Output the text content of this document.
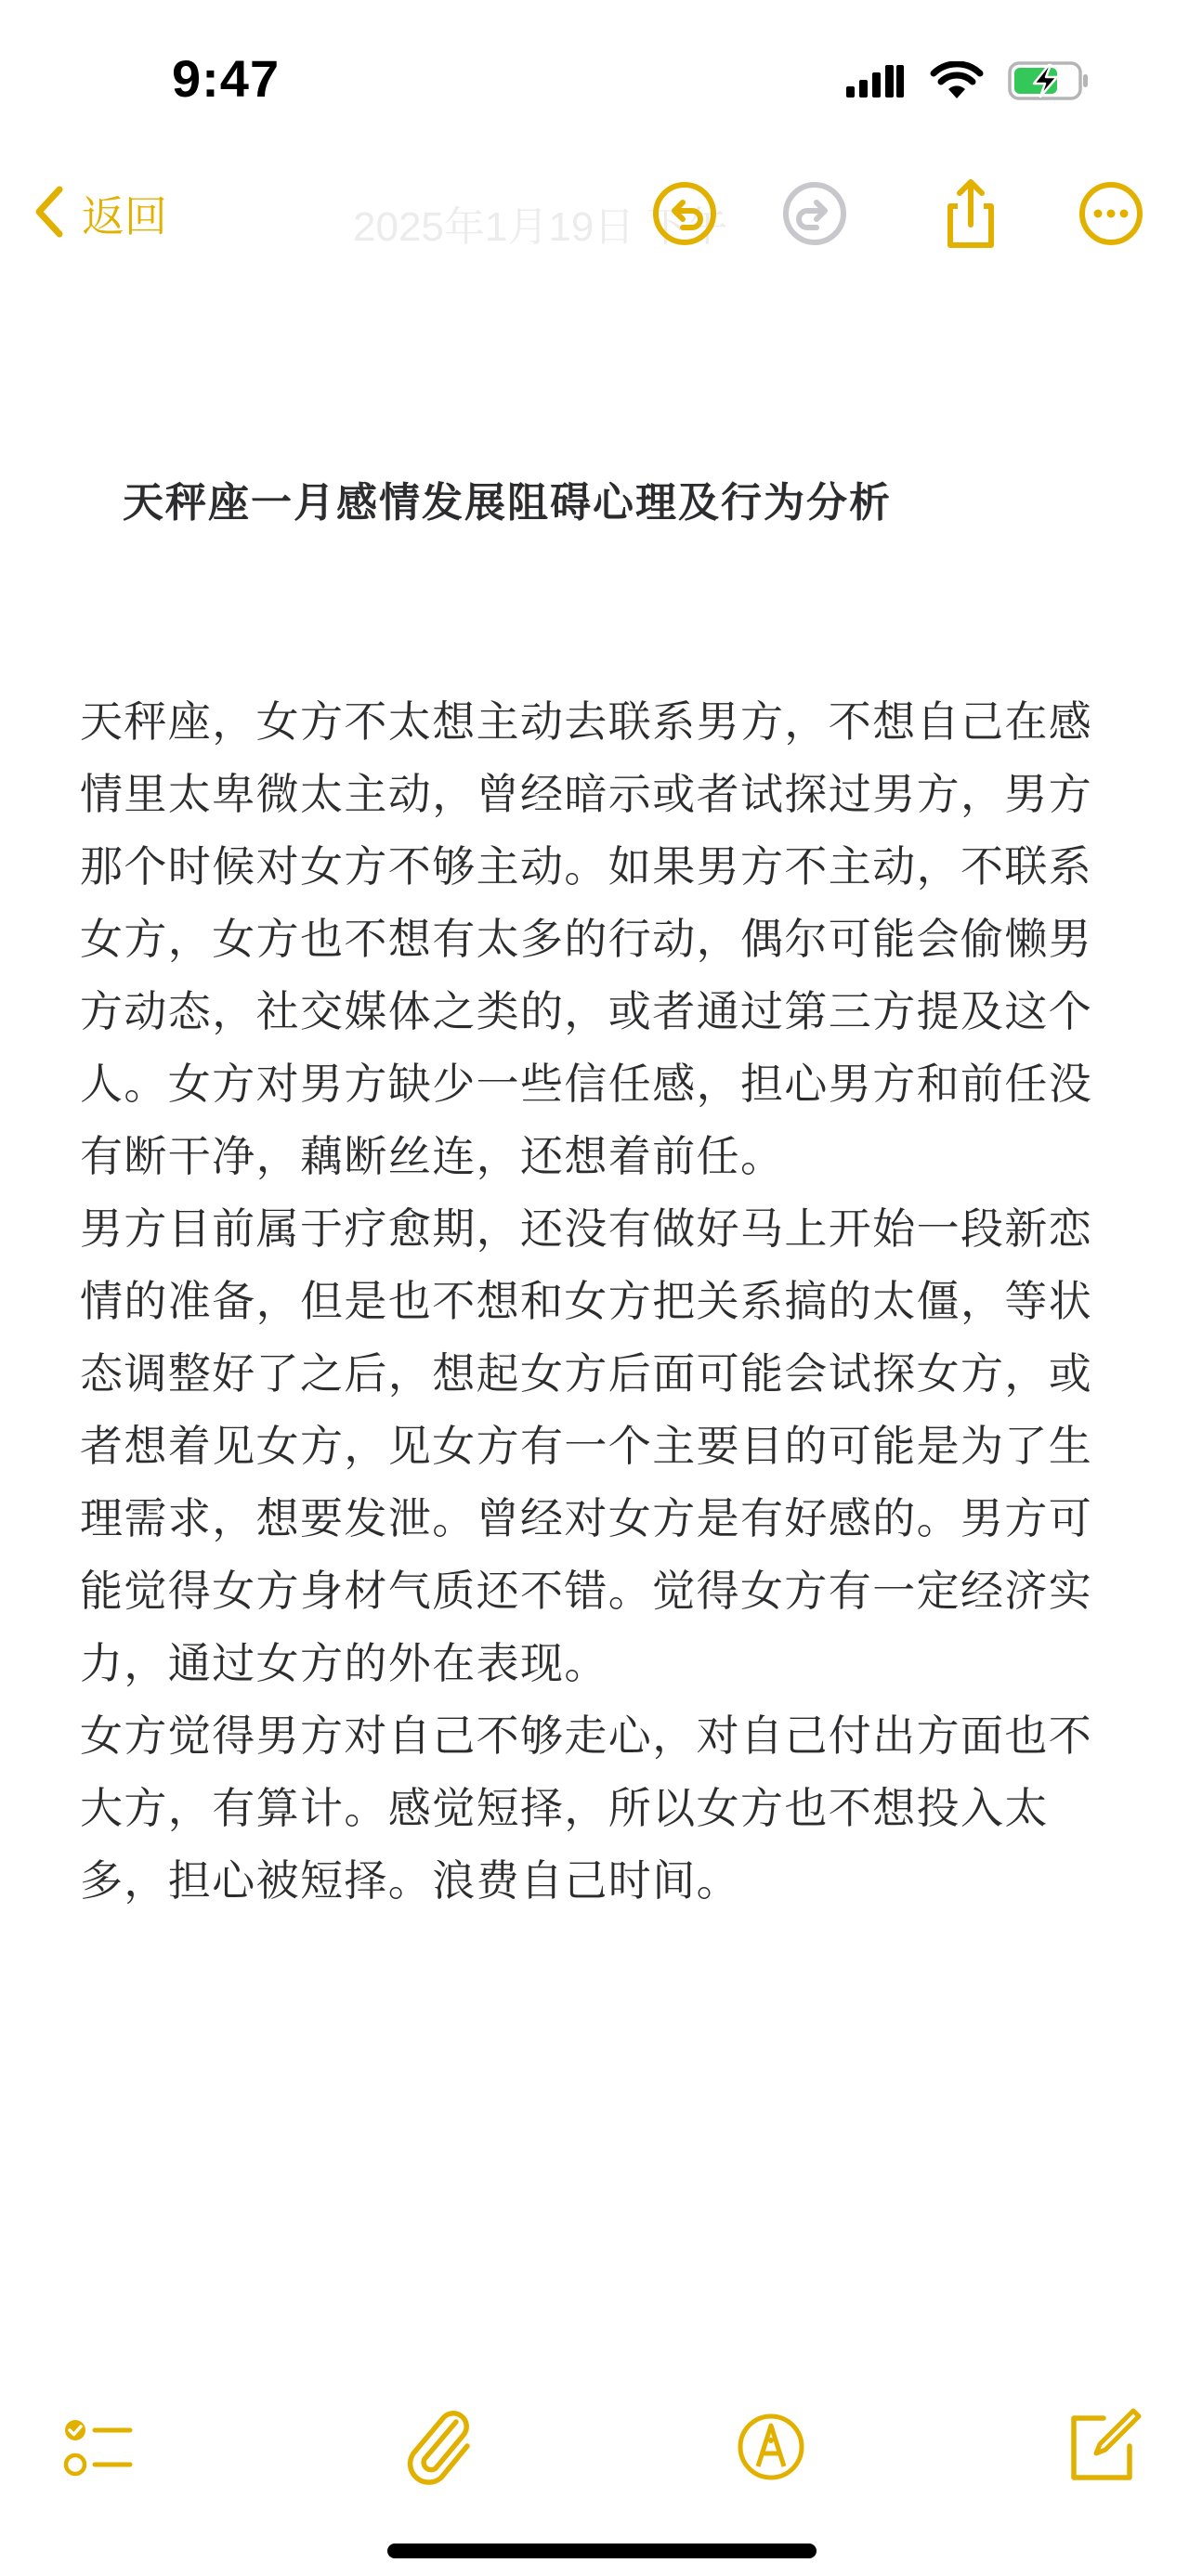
9:47
2025年1月19日 下午
返回
天秤座一月感情发展阻碍心理及行为分析

天秤座，女方不太想主动去联系男方，不想自己在感情里太卑微太主动，曾经暗示或者试探过男方，男方那个时候对女方不够主动。如果男方不主动，不联系女方，女方也不想有太多的行动，偶尔可能会偷懒男方动态，社交媒体之类的，或者通过第三方提及这个人。女方对男方缺少一些信任感，担心男方和前任没有断干净，藕断丝连，还想着前任。

男方目前属于疗愈期，还没有做好马上开始一段新恋情的准备，但是也不想和女方把关系搞的太僵，等状态调整好了之后，想起女方后面可能会试探女方，或者想着见女方，见女方有一个主要目的可能是为了生理需求，想要发泄。曾经对女方是有好感的。男方可能觉得女方身材气质还不错。觉得女方有一定经济实力，通过女方的外在表现。

女方觉得男方对自己不够走心，对自己付出方面也不大方，有算计。感觉短择，所以女方也不想投入太多，担心被短择。浪费自己时间。
